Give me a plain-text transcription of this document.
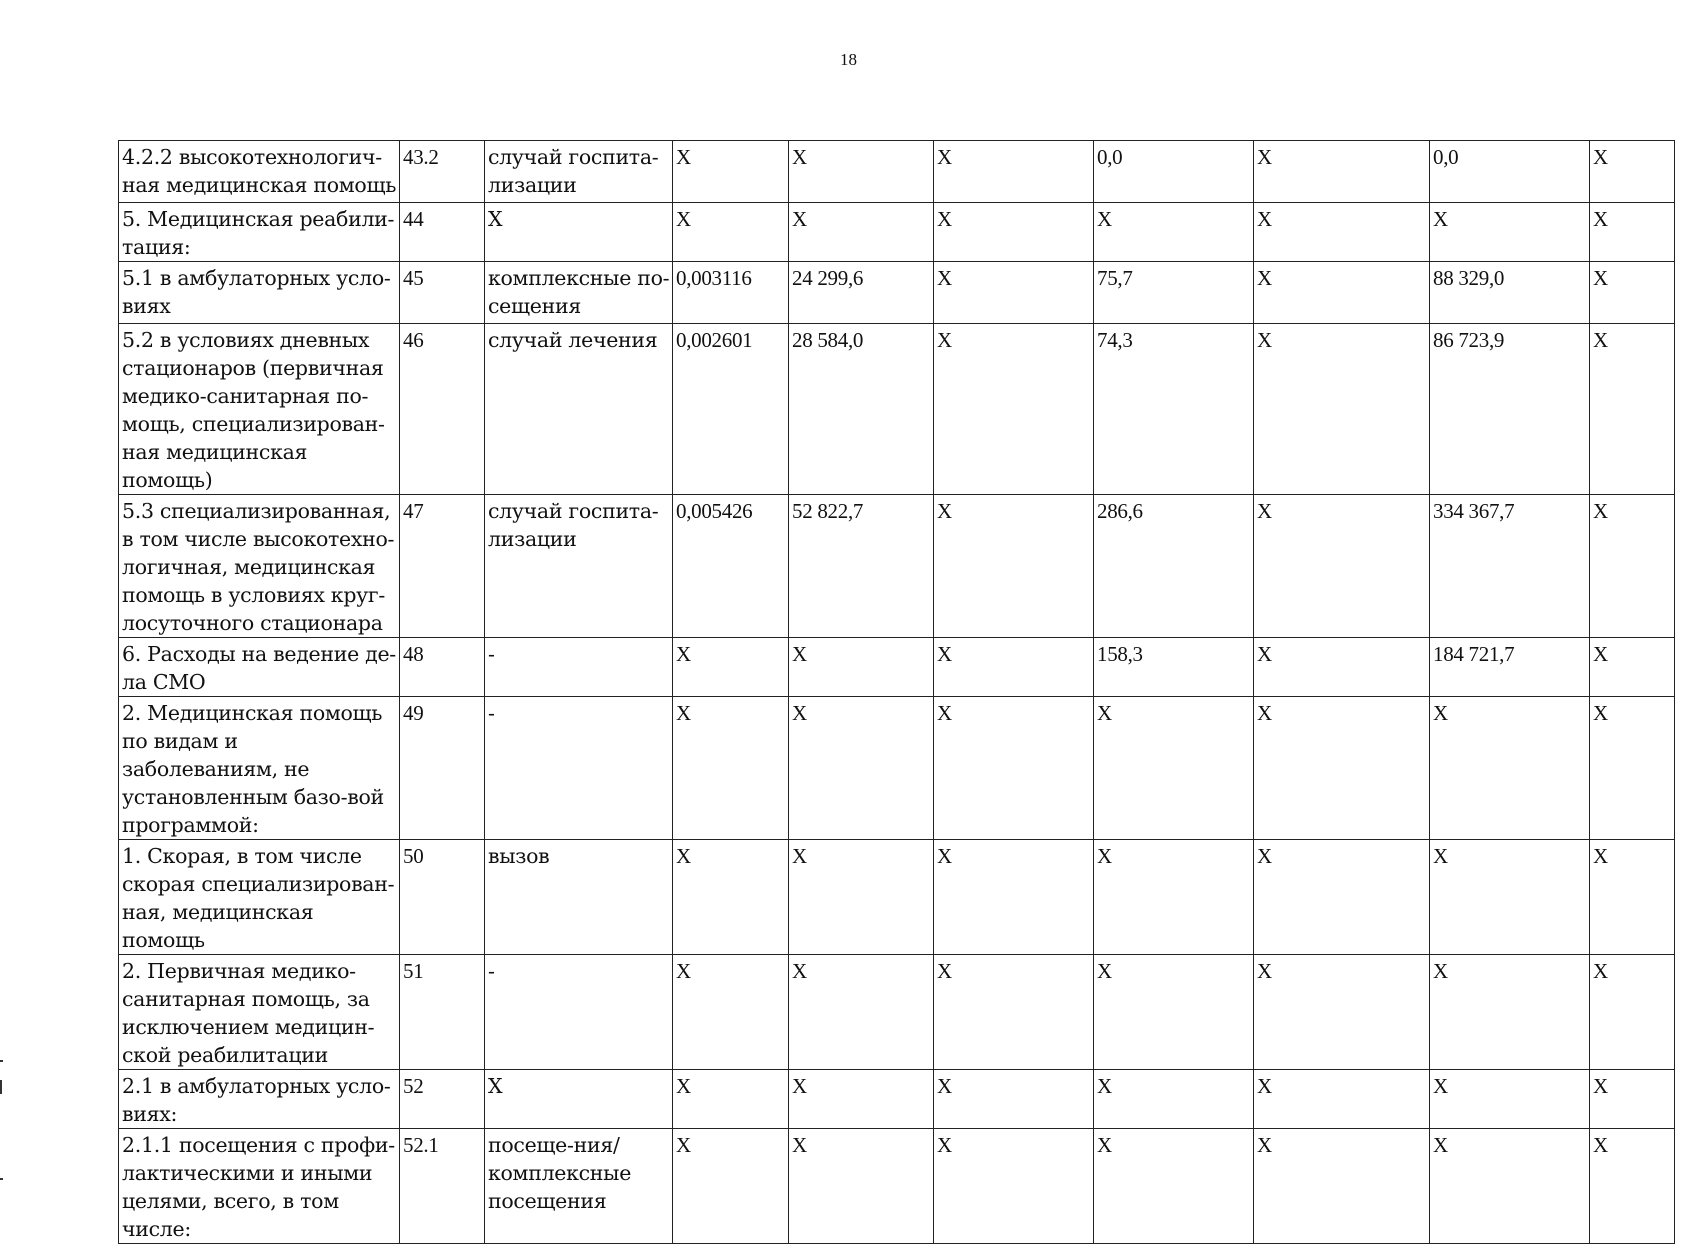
18
4.2.2 высокотехнологич-ная медицинская помощь	43.2	случай госпита-лизации	X	X	X	0,0	X	0,0	X
5. Медицинская реабили-тация:	44	X	X	X	X	X	X	X	X
5.1 в амбулаторных усло-виях	45	комплексные по-сещения	0,003116	24 299,6	X	75,7	X	88 329,0	X
5.2 в условиях дневных стационаров (первичная медико-санитарная по-мощь, специализирован-ная медицинская помощь)	46	случай лечения	0,002601	28 584,0	X	74,3	X	86 723,9	X
5.3 специализированная, в том числе высокотехно-логичная, медицинская помощь в условиях круг-лосуточного стационара	47	случай госпита-лизации	0,005426	52 822,7	X	286,6	X	334 367,7	X
6. Расходы на ведение де-ла СМО	48	-	X	X	X	158,3	X	184 721,7	X
2. Медицинская помощь по видам и заболеваниям, не установленным базо-вой программой:	49	-	X	X	X	X	X	X	X
1. Скорая, в том числе скорая специализирован-ная, медицинская помощь	50	вызов	X	X	X	X	X	X	X
2. Первичная медико-санитарная помощь, за исключением медицин-ской реабилитации	51	-	X	X	X	X	X	X	X
2.1 в амбулаторных усло-виях:	52	X	X	X	X	X	X	X	X
2.1.1 посещения с профи-лактическими и иными целями, всего, в том числе:	52.1	посеще-ния/комплексные посещения	X	X	X	X	X	X	X
